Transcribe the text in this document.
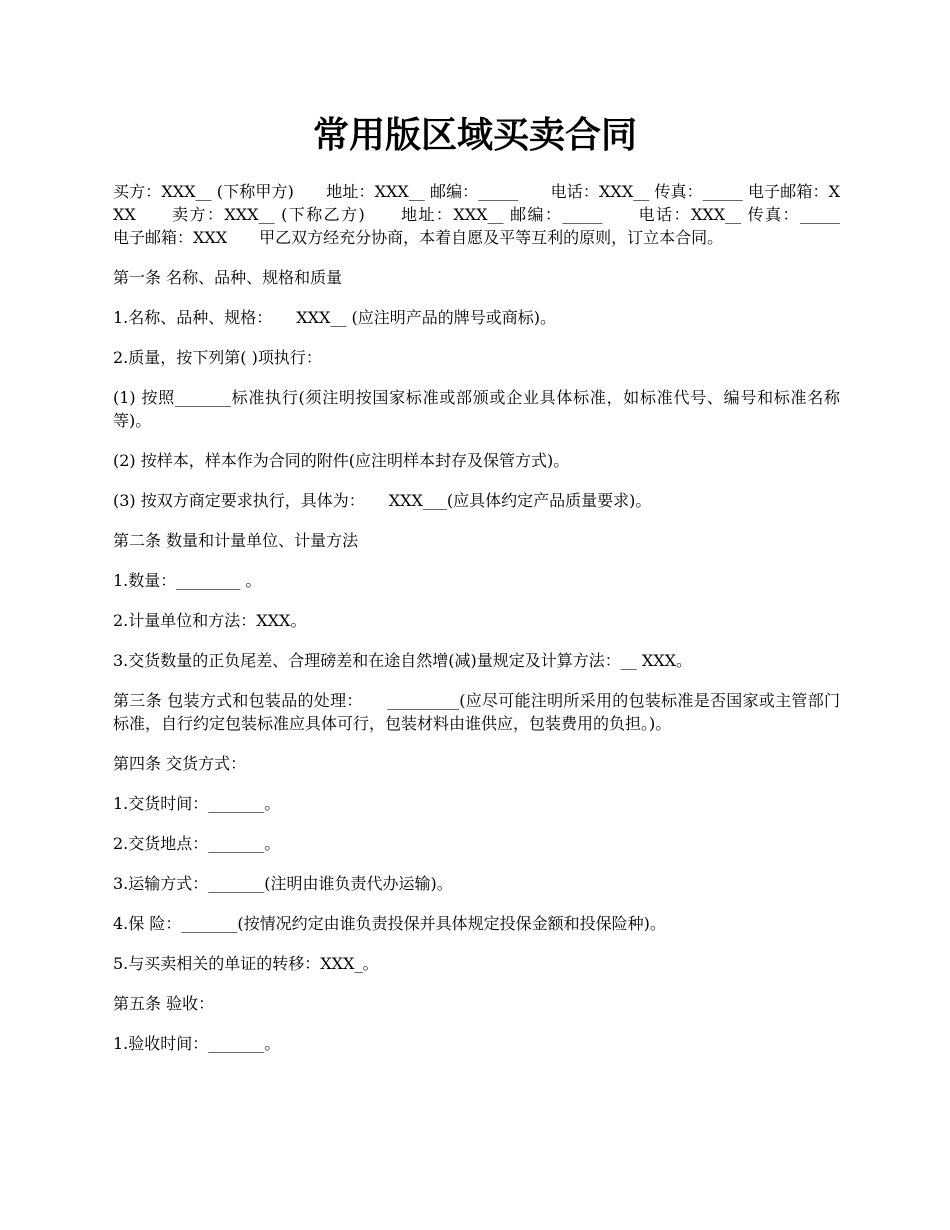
常用版区域买卖合同

买方：XXX__ (下称甲方)　　地址：XXX__ 邮编：_____　　电话：XXX__ 传真：_____ 电子邮箱：XXX　　卖方：XXX__ (下称乙方)　　地址：XXX__ 邮编：_____　　电话：XXX__ 传真：_____　　电子邮箱：XXX　　甲乙双方经充分协商，本着自愿及平等互利的原则，订立本合同。

第一条 名称、品种、规格和质量

1.名称、品种、规格：　　XXX__ (应注明产品的牌号或商标)。

2.质量，按下列第( )项执行：

(1) 按照_______标准执行(须注明按国家标准或部颁或企业具体标准，如标准代号、编号和标准名称等)。

(2) 按样本，样本作为合同的附件(应注明样本封存及保管方式)。

(3) 按双方商定要求执行，具体为：　　XXX___(应具体约定产品质量要求)。

第二条 数量和计量单位、计量方法

1.数量：________ 。

2.计量单位和方法：XXX。

3.交货数量的正负尾差、合理磅差和在途自然增(减)量规定及计算方法：__ XXX。

第三条 包装方式和包装品的处理：　　_________(应尽可能注明所采用的包装标准是否国家或主管部门标准，自行约定包装标准应具体可行，包装材料由谁供应，包装费用的负担。)。

第四条 交货方式：

1.交货时间：_______。

2.交货地点：_______。

3.运输方式：_______(注明由谁负责代办运输)。

4.保 险：_______(按情况约定由谁负责投保并具体规定投保金额和投保险种)。

5.与买卖相关的单证的转移：XXX_。

第五条 验收：

1.验收时间：_______。
